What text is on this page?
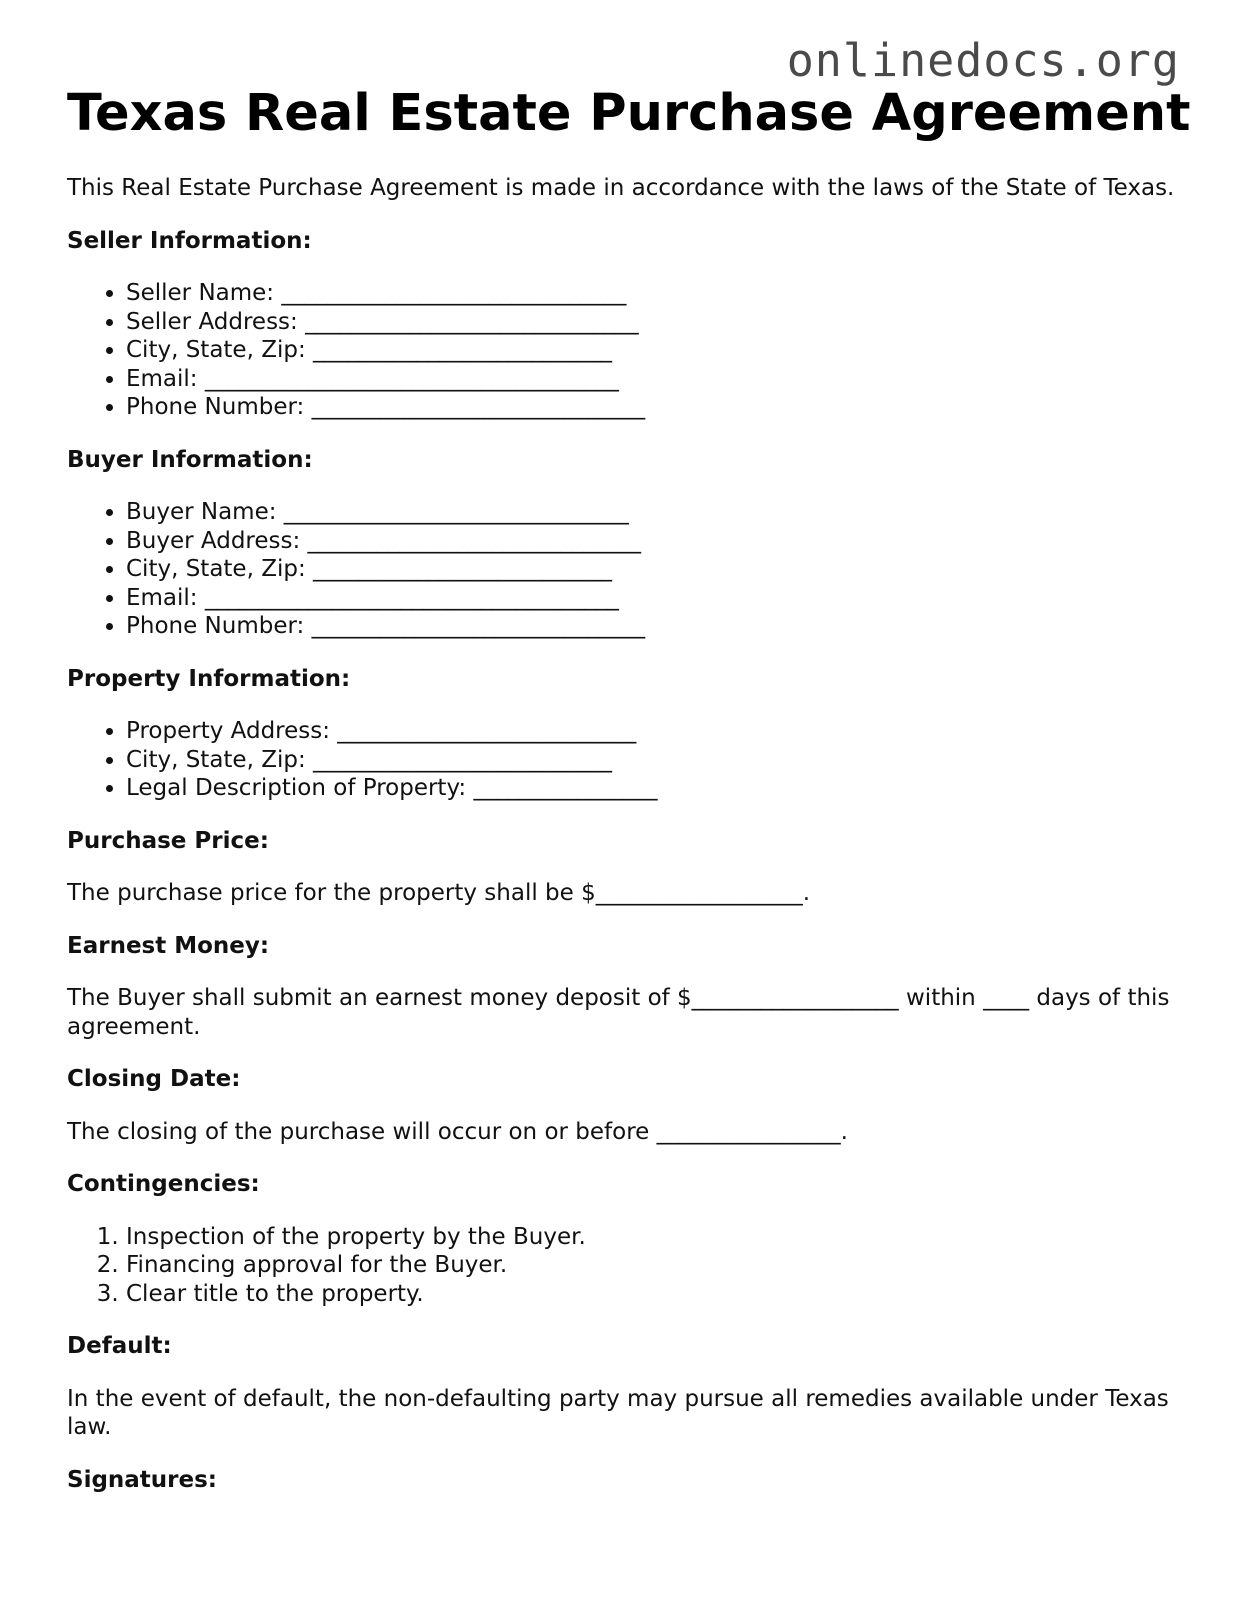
onlinedocs.org
Texas Real Estate Purchase Agreement

This Real Estate Purchase Agreement is made in accordance with the laws of the State of Texas.

Seller Information:
• Seller Name: ______________________________
• Seller Address: _____________________________
• City, State, Zip: __________________________
• Email: ____________________________________
• Phone Number: _____________________________
Buyer Information:
• Buyer Name: ______________________________
• Buyer Address: _____________________________
• City, State, Zip: __________________________
• Email: ____________________________________
• Phone Number: _____________________________
Property Information:
• Property Address: __________________________
• City, State, Zip: __________________________
• Legal Description of Property: ________________
Purchase Price:

The purchase price for the property shall be $__________________.

Earnest Money:

The Buyer shall submit an earnest money deposit of $__________________ within ____ days of this agreement.

Closing Date:

The closing of the purchase will occur on or before ________________.

Contingencies:
1. Inspection of the property by the Buyer.
2. Financing approval for the Buyer.
3. Clear title to the property.
Default:

In the event of default, the non-defaulting party may pursue all remedies available under Texas law.

Signatures:
